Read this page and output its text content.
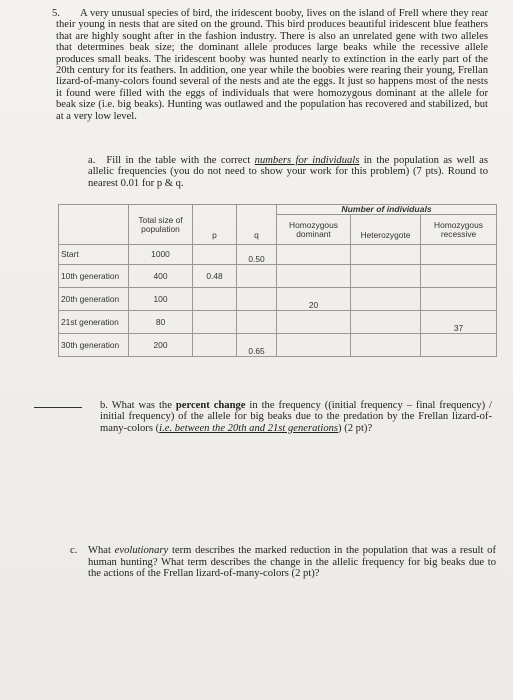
5.	A very unusual species of bird, the iridescent booby, lives on the island of Frell where they rear their young in nests that are sited on the ground. This bird produces beautiful iridescent blue feathers that are highly sought after in the fashion industry. There is also an unrelated gene with two alleles that determines beak size; the dominant allele produces large beaks while the recessive allele produces small beaks. The iridescent booby was hunted nearly to extinction in the early part of the 20th century for its feathers. In addition, one year while the boobies were rearing their young, Frellan lizard-of-many-colors found several of the nests and ate the eggs. It just so happens most of the nests it found were filled with the eggs of individuals that were homozygous dominant at the allele for beak size (i.e. big beaks). Hunting was outlawed and the population has recovered and stabilized, but at a very low level.
a. Fill in the table with the correct numbers for individuals in the population as well as allelic frequencies (you do not need to show your work for this problem) (7 pts). Round to nearest 0.01 for p & q.
	Total size of population	p	q	Number of individuals		
				Homozygous dominant	Heterozygote	Homozygous recessive
Start	1000		0.50			
10th generation	400	0.48				
20th generation	100			20		
21st generation	80					37
30th generation	200		0.65			
b. What was the percent change in the frequency ((initial frequency – final frequency) / initial frequency) of the allele for big beaks due to the predation by the Frellan lizard-of-many-colors (i.e. between the 20th and 21st generations) (2 pt)?
c.	What evolutionary term describes the marked reduction in the population that was a result of human hunting? What term describes the change in the allelic frequency for big beaks due to the actions of the Frellan lizard-of-many-colors (2 pt)?
